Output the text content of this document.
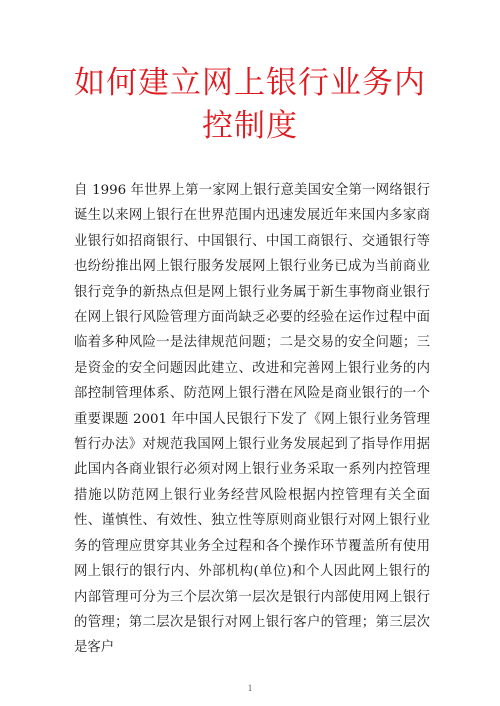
如何建立网上银行业务内控制度

自 1996 年世界上第一家网上银行意美国安全第一网络银行诞生以来网上银行在世界范围内迅速发展近年来国内多家商业银行如招商银行、中国银行、中国工商银行、交通银行等也纷纷推出网上银行服务发展网上银行业务已成为当前商业银行竞争的新热点但是网上银行业务属于新生事物商业银行在网上银行风险管理方面尚缺乏必要的经验在运作过程中面临着多种风险一是法律规范问题；二是交易的安全问题；三是资金的安全问题因此建立、改进和完善网上银行业务的内部控制管理体系、防范网上银行潜在风险是商业银行的一个重要课题 2001 年中国人民银行下发了《网上银行业务管理暂行办法》对规范我国网上银行业务发展起到了指导作用据此国内各商业银行必须对网上银行业务采取一系列内控管理措施以防范网上银行业务经营风险根据内控管理有关全面性、谨慎性、有效性、独立性等原则商业银行对网上银行业务的管理应贯穿其业务全过程和各个操作环节覆盖所有使用网上银行的银行内、外部机构(单位)和个人因此网上银行的内部管理可分为三个层次第一层次是银行内部使用网上银行的管理；第二层次是银行对网上银行客户的管理；第三层次是客户

1
